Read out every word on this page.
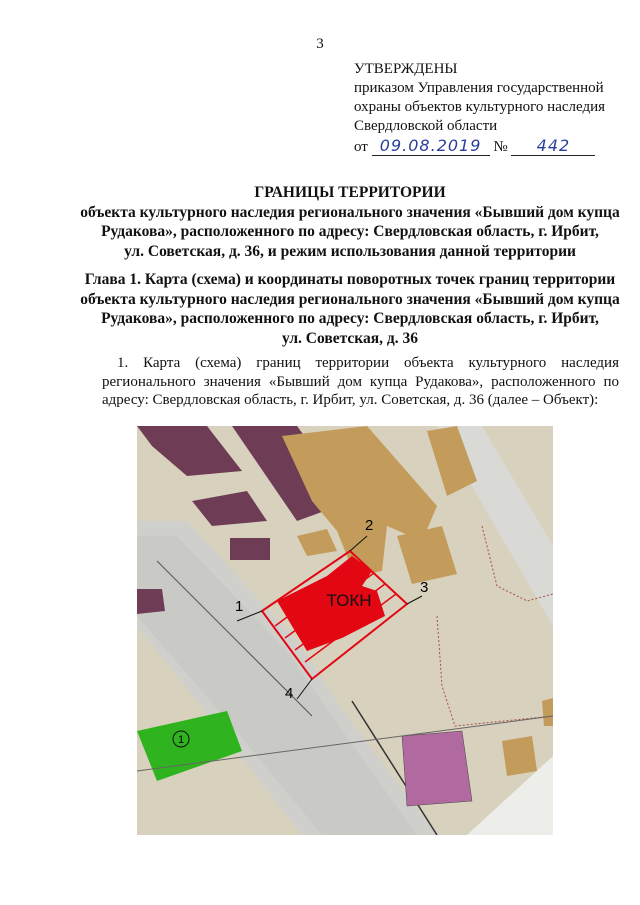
3
УТВЕРЖДЕНЫ
приказом Управления государственной
охраны объектов культурного наследия
Свердловской области
от 09.08.2019 № 442
ГРАНИЦЫ ТЕРРИТОРИИ
объекта культурного наследия регионального значения «Бывший дом купца
Рудакова», расположенного по адресу: Свердловская область, г. Ирбит,
ул. Советская, д. 36, и режим использования данной территории
Глава 1. Карта (схема) и координаты поворотных точек границ территории
объекта культурного наследия регионального значения «Бывший дом купца
Рудакова», расположенного по адресу: Свердловская область, г. Ирбит,
ул. Советская, д. 36
1. Карта (схема) границ территории объекта культурного наследия регионального значения «Бывший дом купца Рудакова», расположенного по адресу: Свердловская область, г. Ирбит, ул. Советская, д. 36 (далее – Объект):
1
ТОКН
1
2
3
4
